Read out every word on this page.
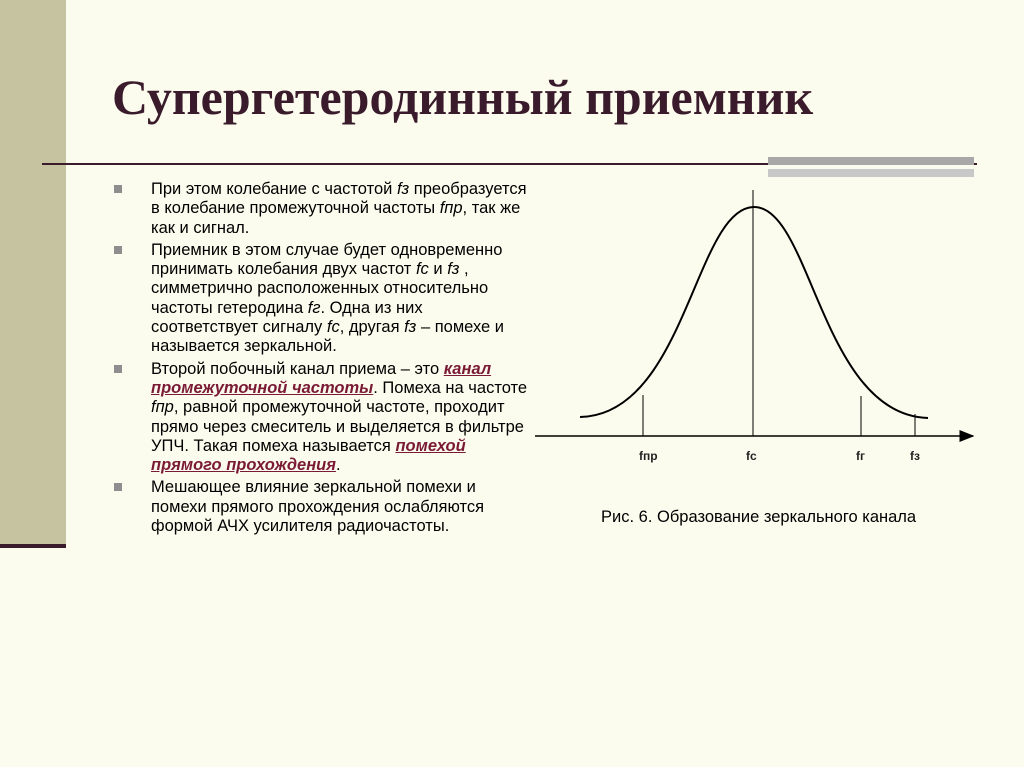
Супергетеродинный приемник
При этом колебание с частотой fз преобразуется в колебание промежуточной частоты fпр, так же как и сигнал.
Приемник в этом случае будет одновременно принимать колебания двух частот fс и fз , симметрично расположенных относительно частоты гетеродина fг. Одна из них соответствует сигналу fс, другая fз – помехе и называется зеркальной.
Второй побочный канал приема – это канал промежуточной частоты. Помеха на частоте fпр, равной промежуточной частоте, проходит прямо через смеситель и выделяется в фильтре УПЧ. Такая помеха называется помехой прямого прохождения.
Мешающее влияние зеркальной помехи и помехи прямого прохождения ослабляются формой АЧХ усилителя радиочастоты.
fпр	fс	fг	fз
Рис. 6. Образование зеркального канала
